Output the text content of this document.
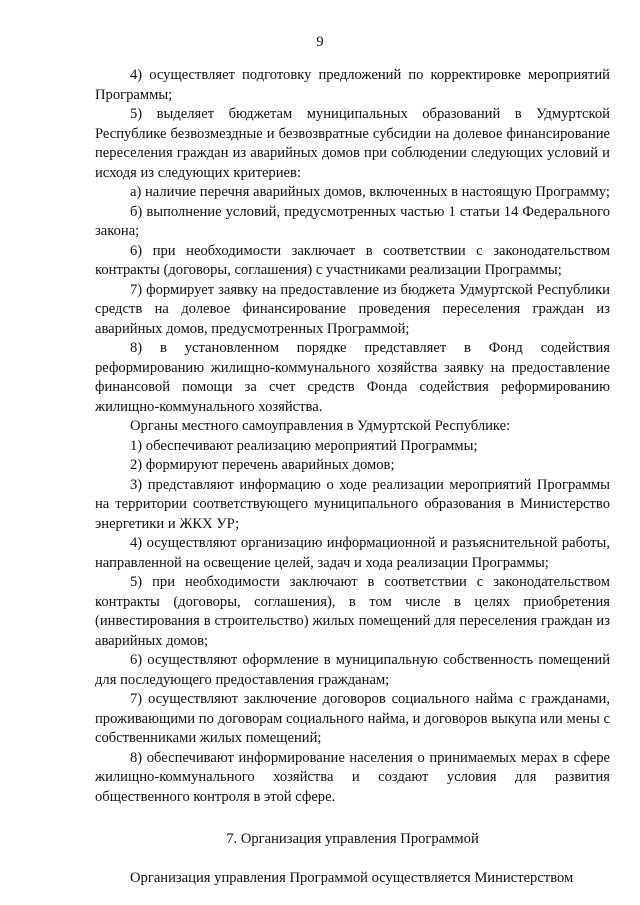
9

4) осуществляет подготовку предложений по корректировке мероприятий Программы;

5) выделяет бюджетам муниципальных образований в Удмуртской Республике безвозмездные и безвозвратные субсидии на долевое финансирование переселения граждан из аварийных домов при соблюдении следующих условий и исходя из следующих критериев:

а) наличие перечня аварийных домов, включенных в настоящую Программу;

б) выполнение условий, предусмотренных частью 1 статьи 14 Федерального закона;

6) при необходимости заключает в соответствии с законодательством контракты (договоры, соглашения) с участниками реализации Программы;

7) формирует заявку на предоставление из бюджета Удмуртской Республики средств на долевое финансирование проведения переселения граждан из аварийных домов, предусмотренных Программой;

8) в установленном порядке представляет в Фонд содействия реформированию жилищно-коммунального хозяйства заявку на предоставление финансовой помощи за счет средств Фонда содействия реформированию жилищно-коммунального хозяйства.

Органы местного самоуправления в Удмуртской Республике:

1) обеспечивают реализацию мероприятий Программы;

2) формируют перечень аварийных домов;

3) представляют информацию о ходе реализации мероприятий Программы на территории соответствующего муниципального образования в Министерство энергетики и ЖКХ УР;

4) осуществляют организацию информационной и разъяснительной работы, направленной на освещение целей, задач и хода реализации Программы;

5) при необходимости заключают в соответствии с законодательством контракты (договоры, соглашения), в том числе в целях приобретения (инвестирования в строительство) жилых помещений для переселения граждан из аварийных домов;

6) осуществляют оформление в муниципальную собственность помещений для последующего предоставления гражданам;

7) осуществляют заключение договоров социального найма с гражданами, проживающими по договорам социального найма, и договоров выкупа или мены с собственниками жилых помещений;

8) обеспечивают информирование населения о принимаемых мерах в сфере жилищно-коммунального хозяйства и создают условия для развития общественного контроля в этой сфере.

7. Организация управления Программой

Организация управления Программой осуществляется Министерством
